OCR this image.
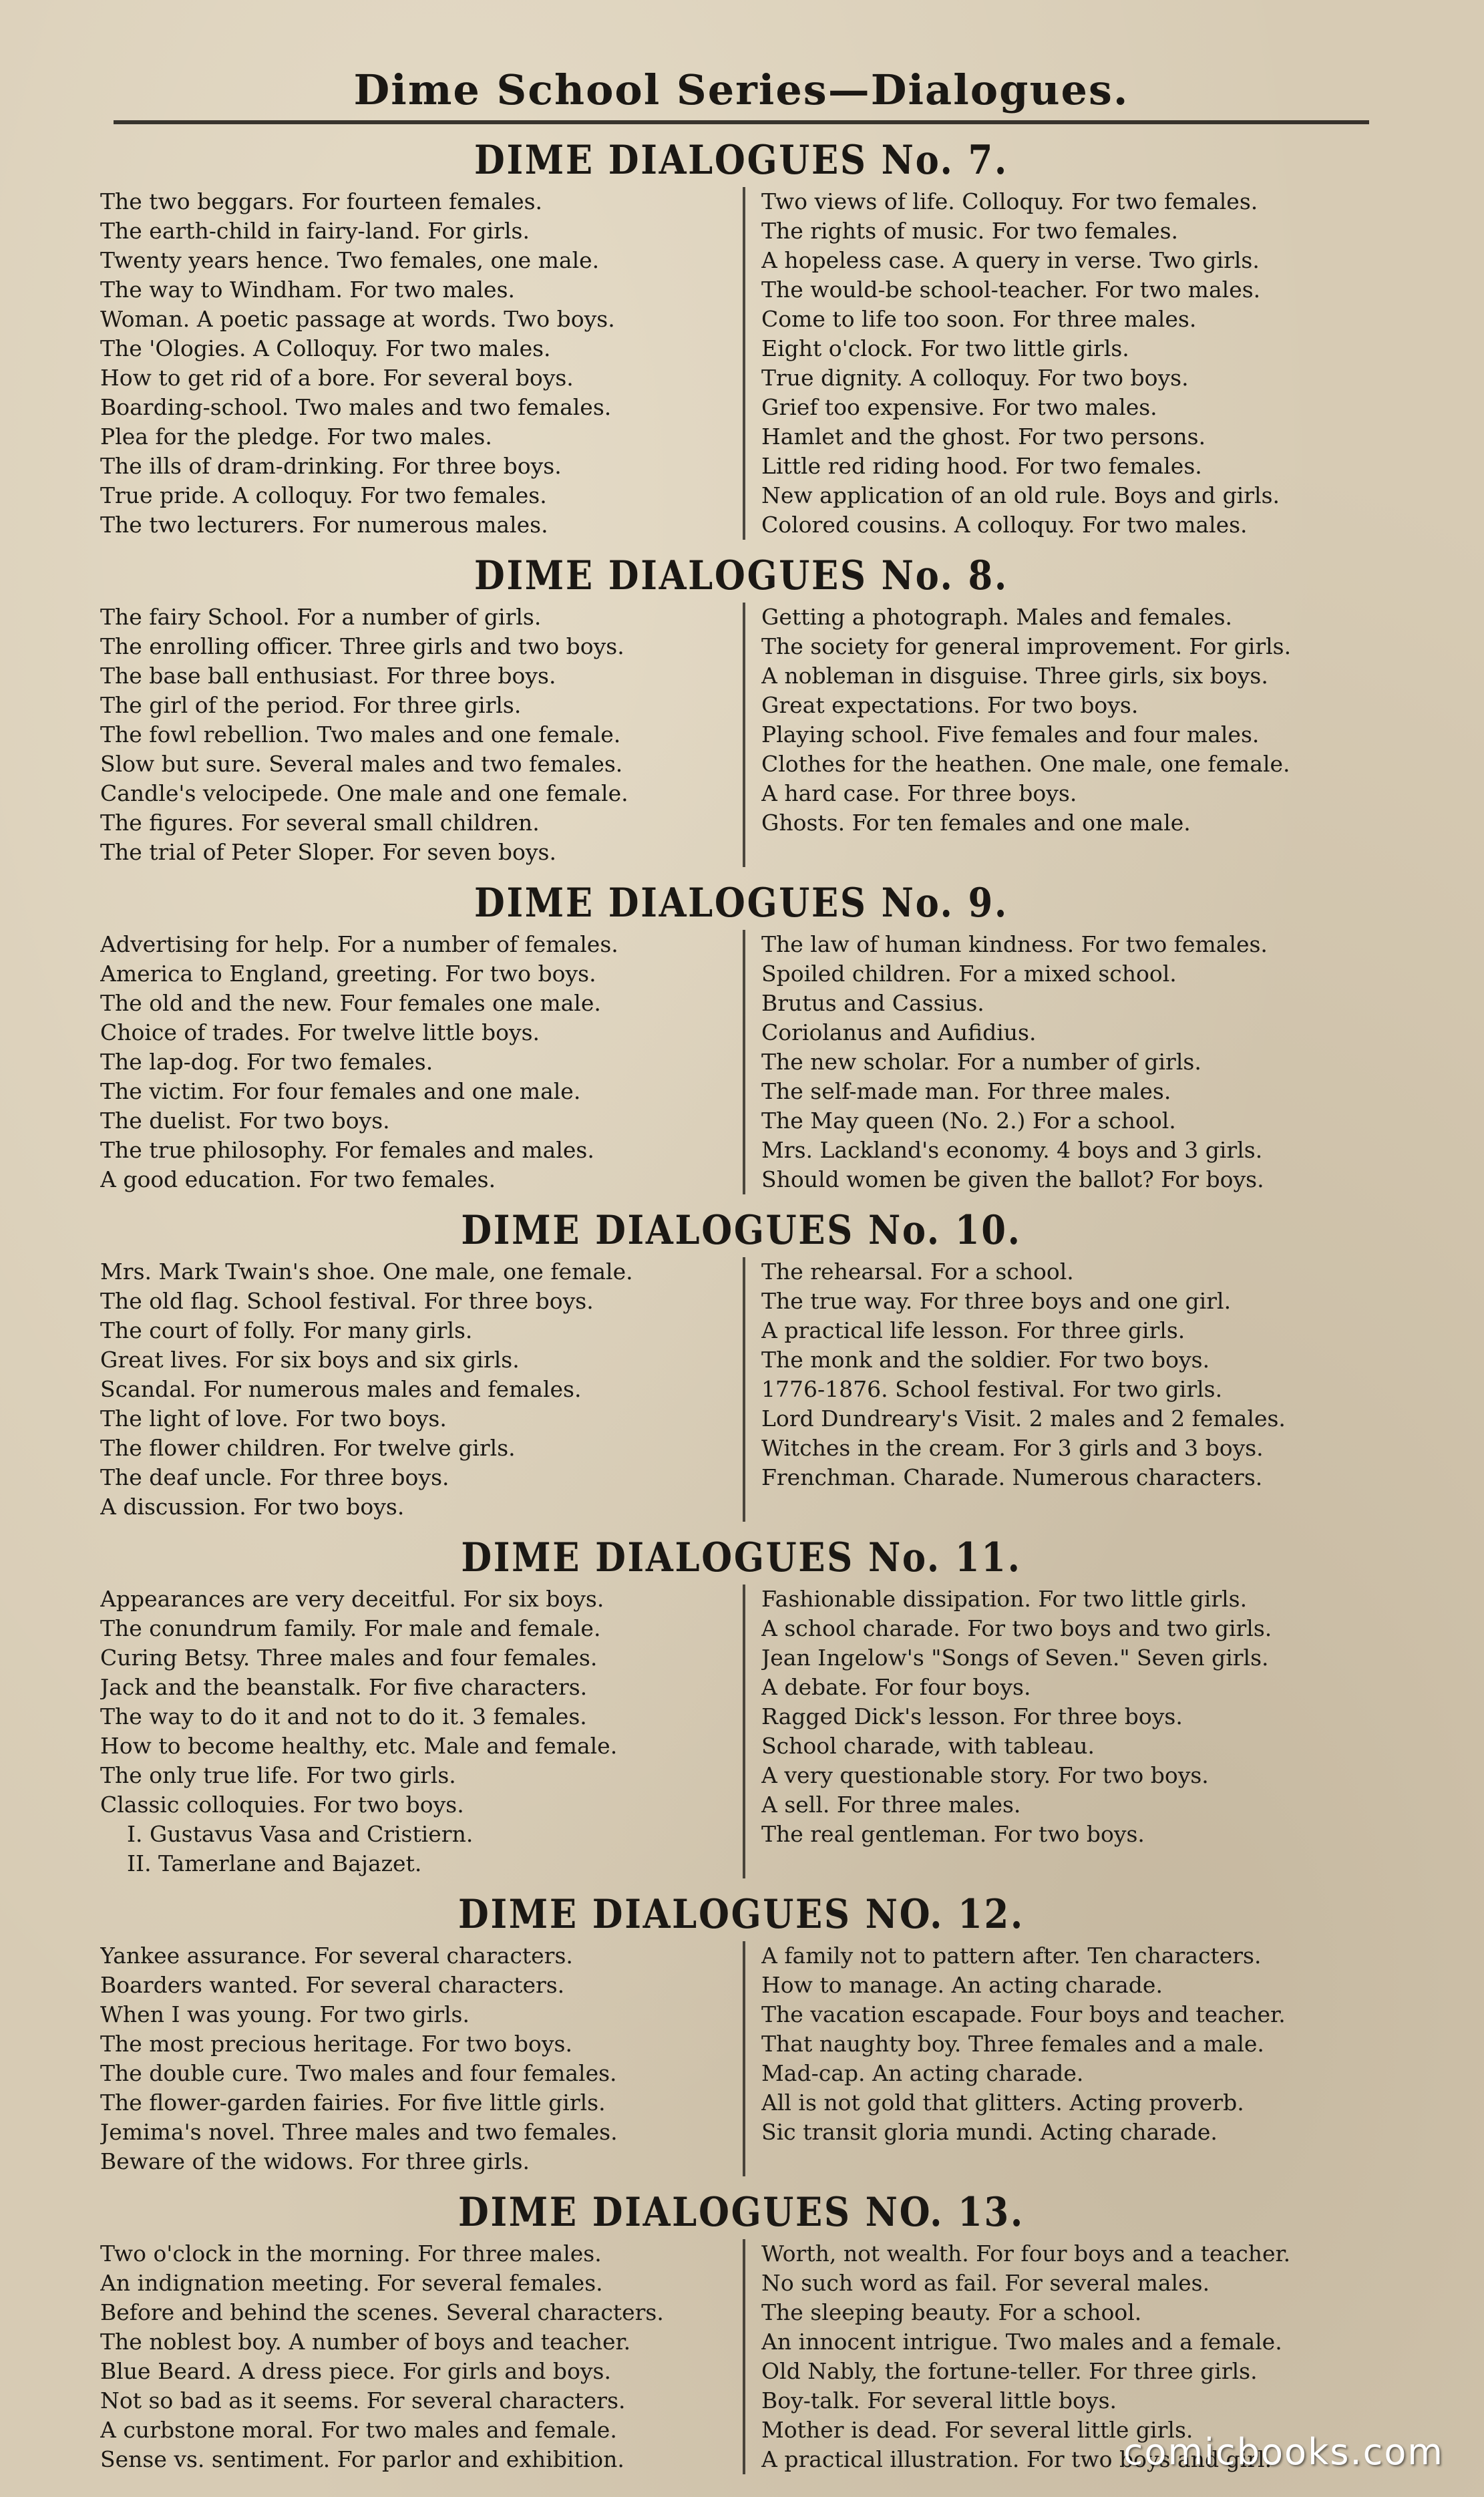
Dime School Series—Dialogues.
DIME DIALOGUES No. 7.
The two beggars. For fourteen females.
The earth-child in fairy-land. For girls.
Twenty years hence. Two females, one male.
The way to Windham. For two males.
Woman. A poetic passage at words. Two boys.
The 'Ologies. A Colloquy. For two males.
How to get rid of a bore. For several boys.
Boarding-school. Two males and two females.
Plea for the pledge. For two males.
The ills of dram-drinking. For three boys.
True pride. A colloquy. For two females.
The two lecturers. For numerous males.
Two views of life. Colloquy. For two females.
The rights of music. For two females.
A hopeless case. A query in verse. Two girls.
The would-be school-teacher. For two males.
Come to life too soon. For three males.
Eight o'clock. For two little girls.
True dignity. A colloquy. For two boys.
Grief too expensive. For two males.
Hamlet and the ghost. For two persons.
Little red riding hood. For two females.
New application of an old rule. Boys and girls.
Colored cousins. A colloquy. For two males.
DIME DIALOGUES No. 8.
The fairy School. For a number of girls.
The enrolling officer. Three girls and two boys.
The base ball enthusiast. For three boys.
The girl of the period. For three girls.
The fowl rebellion. Two males and one female.
Slow but sure. Several males and two females.
Candle's velocipede. One male and one female.
The figures. For several small children.
The trial of Peter Sloper. For seven boys.
Getting a photograph. Males and females.
The society for general improvement. For girls.
A nobleman in disguise. Three girls, six boys.
Great expectations. For two boys.
Playing school. Five females and four males.
Clothes for the heathen. One male, one female.
A hard case. For three boys.
Ghosts. For ten females and one male.
DIME DIALOGUES No. 9.
Advertising for help. For a number of females.
America to England, greeting. For two boys.
The old and the new. Four females one male.
Choice of trades. For twelve little boys.
The lap-dog. For two females.
The victim. For four females and one male.
The duelist. For two boys.
The true philosophy. For females and males.
A good education. For two females.
The law of human kindness. For two females.
Spoiled children. For a mixed school.
Brutus and Cassius.
Coriolanus and Aufidius.
The new scholar. For a number of girls.
The self-made man. For three males.
The May queen (No. 2.) For a school.
Mrs. Lackland's economy. 4 boys and 3 girls.
Should women be given the ballot? For boys.
DIME DIALOGUES No. 10.
Mrs. Mark Twain's shoe. One male, one female.
The old flag. School festival. For three boys.
The court of folly. For many girls.
Great lives. For six boys and six girls.
Scandal. For numerous males and females.
The light of love. For two boys.
The flower children. For twelve girls.
The deaf uncle. For three boys.
A discussion. For two boys.
The rehearsal. For a school.
The true way. For three boys and one girl.
A practical life lesson. For three girls.
The monk and the soldier. For two boys.
1776-1876. School festival. For two girls.
Lord Dundreary's Visit. 2 males and 2 females.
Witches in the cream. For 3 girls and 3 boys.
Frenchman. Charade. Numerous characters.
DIME DIALOGUES No. 11.
Appearances are very deceitful. For six boys.
The conundrum family. For male and female.
Curing Betsy. Three males and four females.
Jack and the beanstalk. For five characters.
The way to do it and not to do it. 3 females.
How to become healthy, etc. Male and female.
The only true life. For two girls.
Classic colloquies. For two boys.
I. Gustavus Vasa and Cristiern.
II. Tamerlane and Bajazet.
Fashionable dissipation. For two little girls.
A school charade. For two boys and two girls.
Jean Ingelow's "Songs of Seven." Seven girls.
A debate. For four boys.
Ragged Dick's lesson. For three boys.
School charade, with tableau.
A very questionable story. For two boys.
A sell. For three males.
The real gentleman. For two boys.
DIME DIALOGUES NO. 12.
Yankee assurance. For several characters.
Boarders wanted. For several characters.
When I was young. For two girls.
The most precious heritage. For two boys.
The double cure. Two males and four females.
The flower-garden fairies. For five little girls.
Jemima's novel. Three males and two females.
Beware of the widows. For three girls.
A family not to pattern after. Ten characters.
How to manage. An acting charade.
The vacation escapade. Four boys and teacher.
That naughty boy. Three females and a male.
Mad-cap. An acting charade.
All is not gold that glitters. Acting proverb.
Sic transit gloria mundi. Acting charade.
DIME DIALOGUES NO. 13.
Two o'clock in the morning. For three males.
An indignation meeting. For several females.
Before and behind the scenes. Several characters.
The noblest boy. A number of boys and teacher.
Blue Beard. A dress piece. For girls and boys.
Not so bad as it seems. For several characters.
A curbstone moral. For two males and female.
Sense vs. sentiment. For parlor and exhibition.
Worth, not wealth. For four boys and a teacher.
No such word as fail. For several males.
The sleeping beauty. For a school.
An innocent intrigue. Two males and a female.
Old Nably, the fortune-teller. For three girls.
Boy-talk. For several little boys.
Mother is dead. For several little girls.
A practical illustration. For two boys and girl.
comicbooks.com
